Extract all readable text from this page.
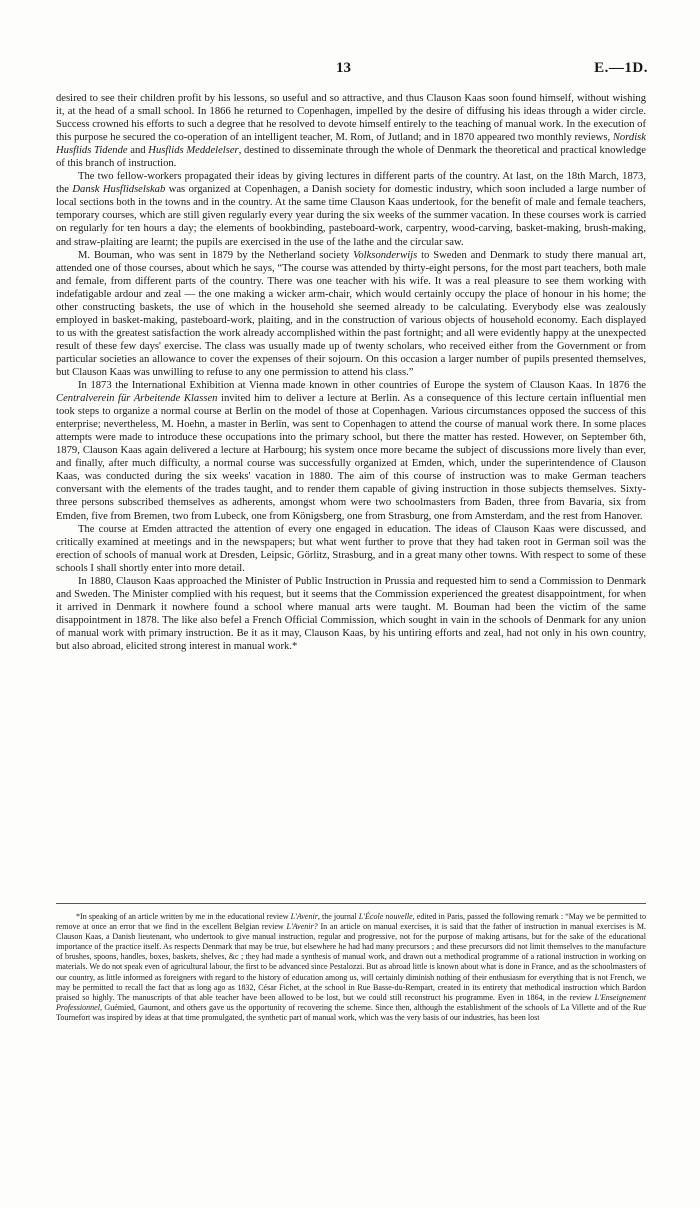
13	E.—1D.

desired to see their children profit by his lessons, so useful and so attractive, and thus Clauson Kaas soon found himself, without wishing it, at the head of a small school. In 1866 he returned to Copenhagen, impelled by the desire of diffusing his ideas through a wider circle. Success crowned his efforts to such a degree that he resolved to devote himself entirely to the teaching of manual work. In the execution of this purpose he secured the co-operation of an intelligent teacher, M. Rom, of Jutland; and in 1870 appeared two monthly reviews, Nordisk Husflids Tidende and Husflids Meddelelser, destined to disseminate through the whole of Denmark the theoretical and practical knowledge of this branch of instruction.

The two fellow-workers propagated their ideas by giving lectures in different parts of the country. At last, on the 18th March, 1873, the Dansk Husflidselskab was organized at Copenhagen, a Danish society for domestic industry, which soon included a large number of local sections both in the towns and in the country. At the same time Clauson Kaas undertook, for the benefit of male and female teachers, temporary courses, which are still given regularly every year during the six weeks of the summer vacation. In these courses work is carried on regularly for ten hours a day; the elements of bookbinding, pasteboard-work, carpentry, wood-carving, basket-making, brush-making, and straw-plaiting are learnt; the pupils are exercised in the use of the lathe and the circular saw.

M. Bouman, who was sent in 1879 by the Netherland society Volksonderwijs to Sweden and Denmark to study there manual art, attended one of those courses, about which he says, “The course was attended by thirty-eight persons, for the most part teachers, both male and female, from different parts of the country. There was one teacher with his wife. It was a real pleasure to see them working with indefatigable ardour and zeal — the one making a wicker arm-chair, which would certainly occupy the place of honour in his home; the other constructing baskets, the use of which in the household she seemed already to be calculating. Everybody else was zealously employed in basket-making, pasteboard-work, plaiting, and in the construction of various objects of household economy. Each displayed to us with the greatest satisfaction the work already accomplished within the past fortnight; and all were evidently happy at the unexpected result of these few days' exercise. The class was usually made up of twenty scholars, who received either from the Government or from particular societies an allowance to cover the expenses of their sojourn. On this occasion a larger number of pupils presented themselves, but Clauson Kaas was unwilling to refuse to any one permission to attend his class.”

In 1873 the International Exhibition at Vienna made known in other countries of Europe the system of Clauson Kaas. In 1876 the Centralverein für Arbeitende Klassen invited him to deliver a lecture at Berlin. As a consequence of this lecture certain influential men took steps to organize a normal course at Berlin on the model of those at Copenhagen. Various circumstances opposed the success of this enterprise; nevertheless, M. Hoehn, a master in Berlin, was sent to Copenhagen to attend the course of manual work there. In some places attempts were made to introduce these occupations into the primary school, but there the matter has rested. However, on September 6th, 1879, Clauson Kaas again delivered a lecture at Harbourg; his system once more became the subject of discussions more lively than ever, and finally, after much difficulty, a normal course was successfully organized at Emden, which, under the superintendence of Clauson Kaas, was conducted during the six weeks' vacation in 1880. The aim of this course of instruction was to make German teachers conversant with the elements of the trades taught, and to render them capable of giving instruction in those subjects themselves. Sixty-three persons subscribed themselves as adherents, amongst whom were two schoolmasters from Baden, three from Bavaria, six from Emden, five from Bremen, two from Lubeck, one from Königsberg, one from Strasburg, one from Amsterdam, and the rest from Hanover.

The course at Emden attracted the attention of every one engaged in education. The ideas of Clauson Kaas were discussed, and critically examined at meetings and in the newspapers; but what went further to prove that they had taken root in German soil was the erection of schools of manual work at Dresden, Leipsic, Görlitz, Strasburg, and in a great many other towns. With respect to some of these schools I shall shortly enter into more detail.

In 1880, Clauson Kaas approached the Minister of Public Instruction in Prussia and requested him to send a Commission to Denmark and Sweden. The Minister complied with his request, but it seems that the Commission experienced the greatest disappointment, for when it arrived in Denmark it nowhere found a school where manual arts were taught. M. Bouman had been the victim of the same disappointment in 1878. The like also befel a French Official Commission, which sought in vain in the schools of Denmark for any union of manual work with primary instruction. Be it as it may, Clauson Kaas, by his untiring efforts and zeal, had not only in his own country, but also abroad, elicited strong interest in manual work.*

*In speaking of an article written by me in the educational review L'Avenir, the journal L'École nouvelle, edited in Paris, passed the following remark : “May we be permitted to remove at once an error that we find in the excellent Belgian review L'Avenir? In an article on manual exercises, it is said that the father of instruction in manual exercises is M. Clauson Kaas, a Danish lieutenant, who undertook to give manual instruction, regular and progressive, not for the purpose of making artisans, but for the sake of the educational importance of the practice itself. As respects Denmark that may be true, but elsewhere he had had many precursors ; and these precursors did not limit themselves to the manufacture of brushes, spoons, handles, boxes, baskets, shelves, &c ; they had made a synthesis of manual work, and drawn out a methodical programme of a rational instruction in working on materials. We do not speak even of agricultural labour, the first to be advanced since Pestalozzi. But as abroad little is known about what is done in France, and as the schoolmasters of our country, as little informed as foreigners with regard to the history of education among us, will certainly diminish nothing of their enthusiasm for everything that is not French, we may be permitted to recall the fact that as long ago as 1832, César Fichet, at the school in Rue Basse-du-Rempart, created in its entirety that methodical instruction which Bardon praised so highly. The manuscripts of that able teacher have been allowed to be lost, but we could still reconstruct his programme. Even in 1864, in the review L'Enseignement Professionnel, Guémied, Gaumont, and others gave us the opportunity of recovering the scheme. Since then, although the establishment of the schools of La Villette and of the Rue Tournefort was inspired by ideas at that time promulgated, the synthetic part of manual work, which was the very basis of our industries, has been lost
